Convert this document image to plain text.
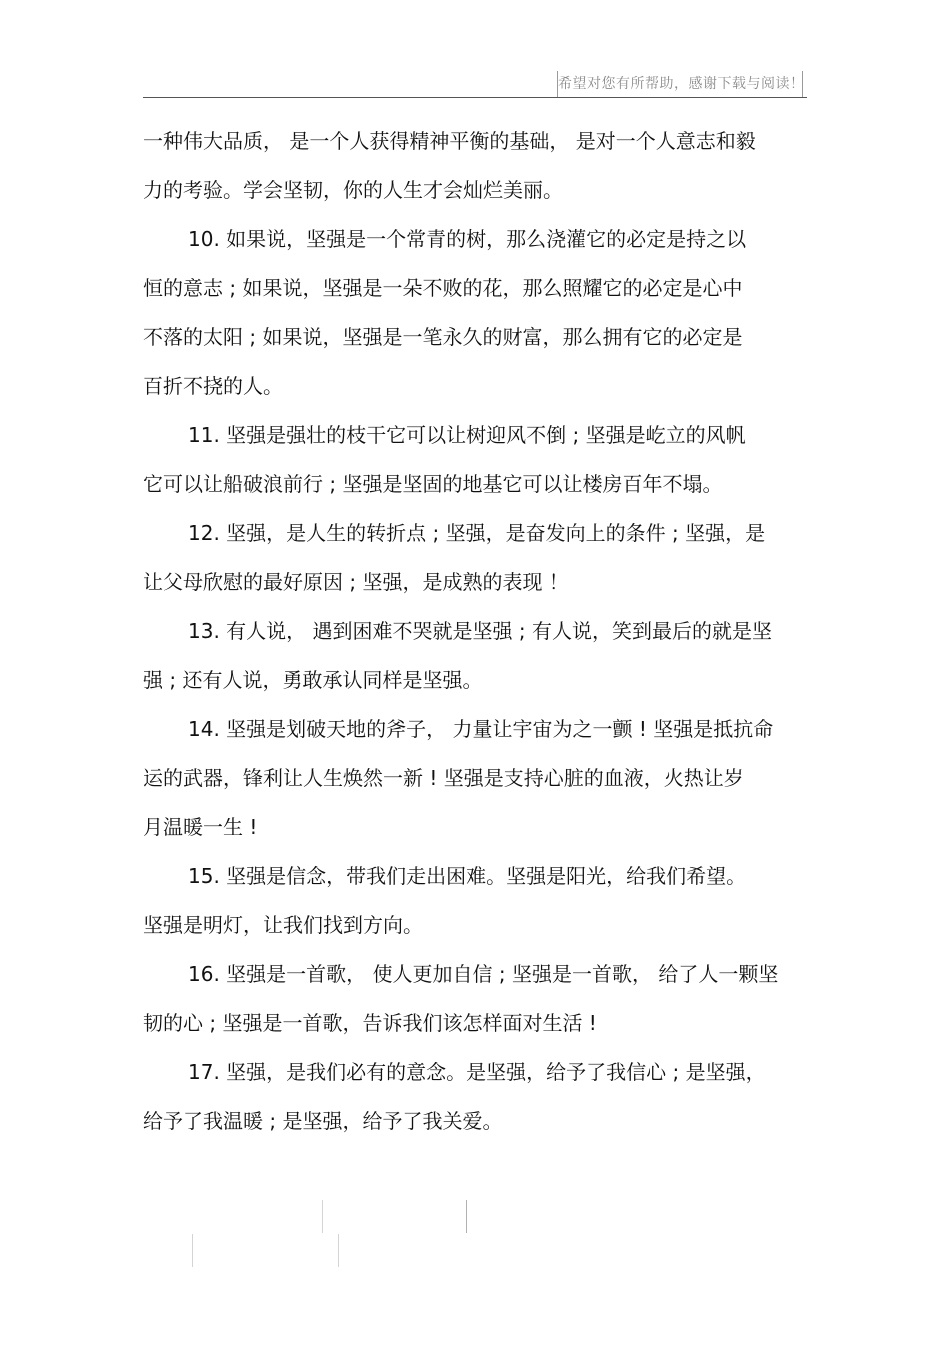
希望对您有所帮助，感谢下载与阅读！
一种伟大品质， 是一个人获得精神平衡的基础， 是对一个人意志和毅
力的考验。学会坚韧，你的人生才会灿烂美丽。
10. 如果说，坚强是一个常青的树，那么浇灌它的必定是持之以
恒的意志 ; 如果说，坚强是一朵不败的花，那么照耀它的必定是心中
不落的太阳 ; 如果说，坚强是一笔永久的财富，那么拥有它的必定是
百折不挠的人。
11. 坚强是强壮的枝干它可以让树迎风不倒 ; 坚强是屹立的风帆
它可以让船破浪前行 ; 坚强是坚固的地基它可以让楼房百年不塌。
12. 坚强，是人生的转折点 ; 坚强，是奋发向上的条件 ; 坚强，是
让父母欣慰的最好原因 ; 坚强，是成熟的表现 ！
13. 有人说， 遇到困难不哭就是坚强 ; 有人说，笑到最后的就是坚
强 ; 还有人说，勇敢承认同样是坚强。
14. 坚强是划破天地的斧子， 力量让宇宙为之一颤 ! 坚强是抵抗命
运的武器，锋利让人生焕然一新 ! 坚强是支持心脏的血液，火热让岁
月温暖一生 !
15. 坚强是信念，带我们走出困难。坚强是阳光，给我们希望。
坚强是明灯，让我们找到方向。
16. 坚强是一首歌， 使人更加自信 ; 坚强是一首歌， 给了人一颗坚
韧的心 ; 坚强是一首歌，告诉我们该怎样面对生活 !
17. 坚强，是我们必有的意念。是坚强，给予了我信心 ; 是坚强，
给予了我温暖 ; 是坚强，给予了我关爱。
